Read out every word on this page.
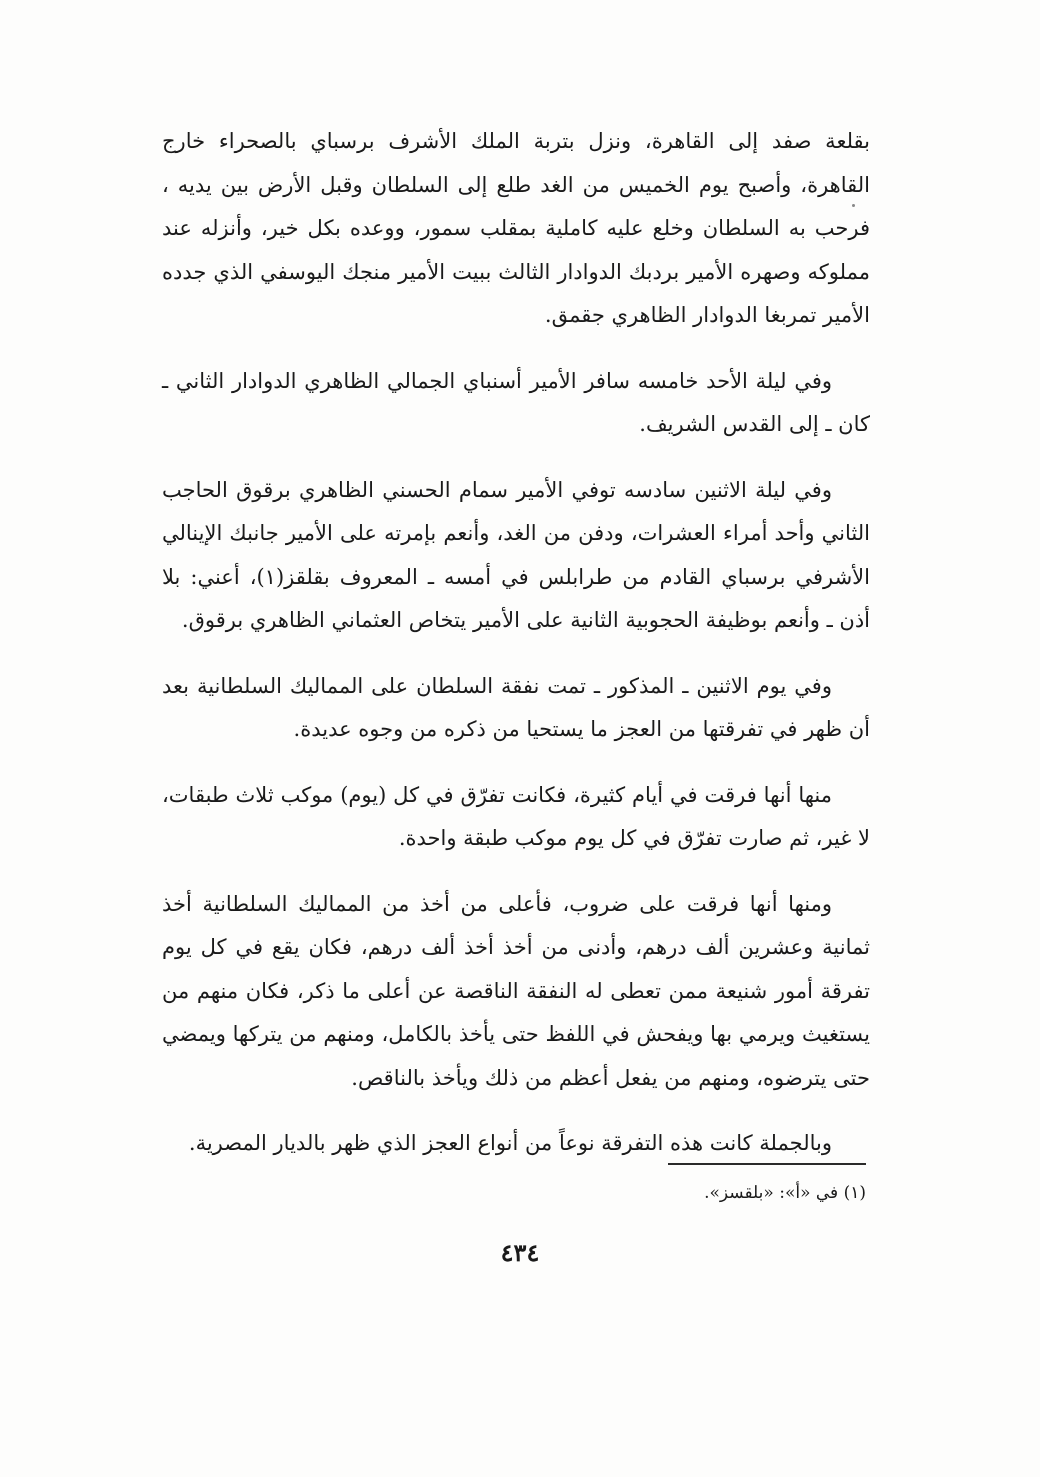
بقلعة صفد إلى القاهرة، ونزل بتربة الملك الأشرف برسباي بالصحراء خارج القاهرة، وأصبح يوم الخميس من الغد طلع إلى السلطان وقبل الأرض بين يديه ، فرحب به السلطان وخلع عليه كاملية بمقلب سمور، ووعده بكل خير، وأنزله عند مملوكه وصهره الأمير بردبك الدوادار الثالث ببيت الأمير منجك اليوسفي الذي جدده الأمير تمربغا الدوادار الظاهري جقمق.

وفي ليلة الأحد خامسه سافر الأمير أسنباي الجمالي الظاهري الدوادار الثاني ـ كان ـ إلى القدس الشريف.

وفي ليلة الاثنين سادسه توفي الأمير سمام الحسني الظاهري برقوق الحاجب الثاني وأحد أمراء العشرات، ودفن من الغد، وأنعم بإمرته على الأمير جانبك الإينالي الأشرفي برسباي القادم من طرابلس في أمسه ـ المعروف بقلقز(١)، أعني: بلا أذن ـ وأنعم بوظيفة الحجوبية الثانية على الأمير يتخاص العثماني الظاهري برقوق.

وفي يوم الاثنين ـ المذكور ـ تمت نفقة السلطان على المماليك السلطانية بعد أن ظهر في تفرقتها من العجز ما يستحيا من ذكره من وجوه عديدة.

منها أنها فرقت في أيام كثيرة، فكانت تفرّق في كل (يوم) موكب ثلاث طبقات، لا غير، ثم صارت تفرّق في كل يوم موكب طبقة واحدة.

ومنها أنها فرقت على ضروب، فأعلى من أخذ من المماليك السلطانية أخذ ثمانية وعشرين ألف درهم، وأدنى من أخذ أخذ ألف درهم، فكان يقع في كل يوم تفرقة أمور شنيعة ممن تعطى له النفقة الناقصة عن أعلى ما ذكر، فكان منهم من يستغيث ويرمي بها ويفحش في اللفظ حتى يأخذ بالكامل، ومنهم من يتركها ويمضي حتى يترضوه، ومنهم من يفعل أعظم من ذلك ويأخذ بالناقص.

وبالجملة كانت هذه التفرقة نوعاً من أنواع العجز الذي ظهر بالديار المصرية.

(١) في «أ»: «بلقسز».
٤٣٤
